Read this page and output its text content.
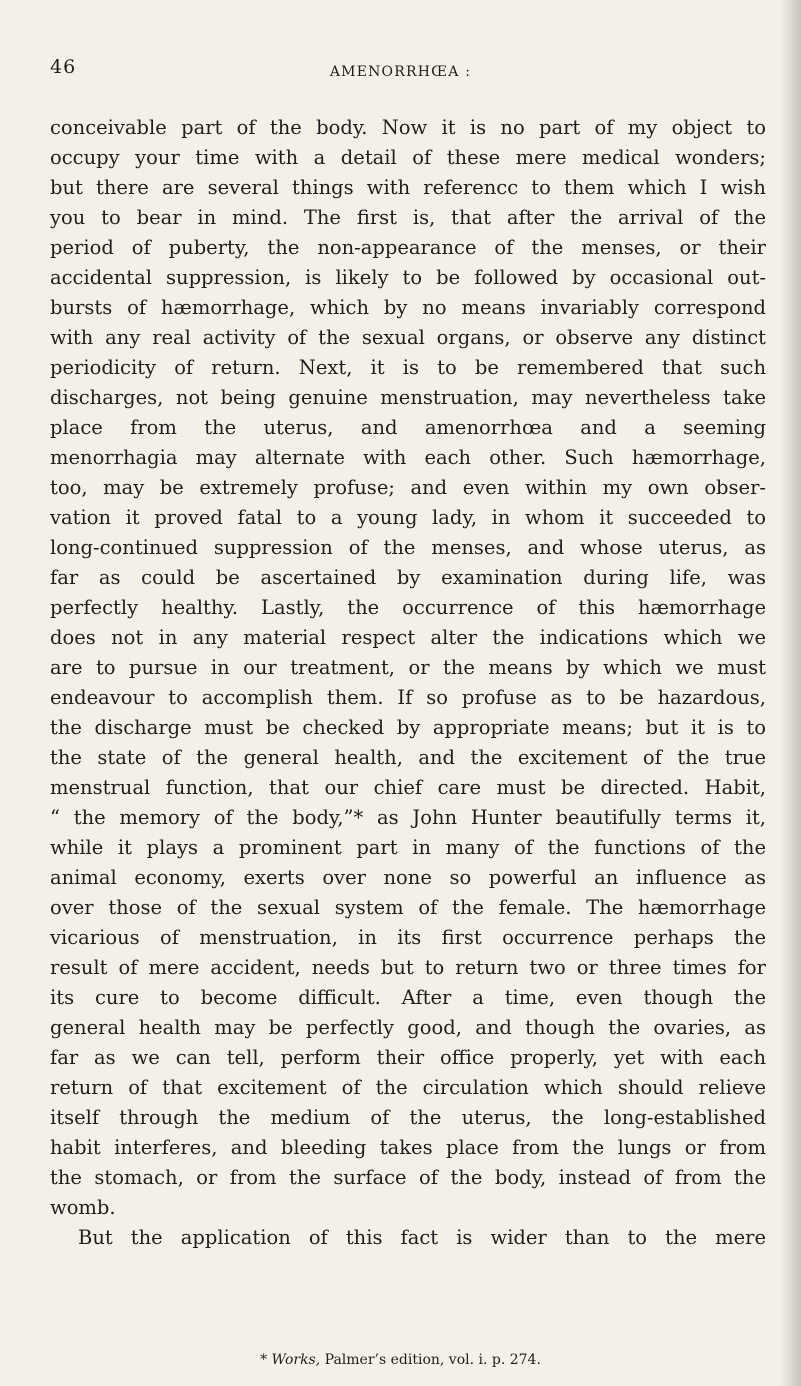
46	AMENORRHŒA :
conceivable part of the body. Now it is no part of my object to
occupy your time with a detail of these mere medical wonders;
but there are several things with referencc to them which I wish
you to bear in mind. The first is, that after the arrival of the
period of puberty, the non-appearance of the menses, or their
accidental suppression, is likely to be followed by occasional out-
bursts of hæmorrhage, which by no means invariably correspond
with any real activity of the sexual organs, or observe any distinct
periodicity of return. Next, it is to be remembered that such
discharges, not being genuine menstruation, may nevertheless take
place from the uterus, and amenorrhœa and a seeming
menorrhagia may alternate with each other. Such hæmorrhage,
too, may be extremely profuse; and even within my own obser-
vation it proved fatal to a young lady, in whom it succeeded to
long-continued suppression of the menses, and whose uterus, as
far as could be ascertained by examination during life, was
perfectly healthy. Lastly, the occurrence of this hæmorrhage
does not in any material respect alter the indications which we
are to pursue in our treatment, or the means by which we must
endeavour to accomplish them. If so profuse as to be hazardous,
the discharge must be checked by appropriate means; but it is to
the state of the general health, and the excitement of the true
menstrual function, that our chief care must be directed. Habit,
“ the memory of the body,”* as John Hunter beautifully terms it,
while it plays a prominent part in many of the functions of the
animal economy, exerts over none so powerful an influence as
over those of the sexual system of the female. The hæmorrhage
vicarious of menstruation, in its first occurrence perhaps the
result of mere accident, needs but to return two or three times for
its cure to become difficult. After a time, even though the
general health may be perfectly good, and though the ovaries, as
far as we can tell, perform their office properly, yet with each
return of that excitement of the circulation which should relieve
itself through the medium of the uterus, the long-established
habit interferes, and bleeding takes place from the lungs or from
the stomach, or from the surface of the body, instead of from the
womb.
But the application of this fact is wider than to the mere
* Works, Palmer’s edition, vol. i. p. 274.
